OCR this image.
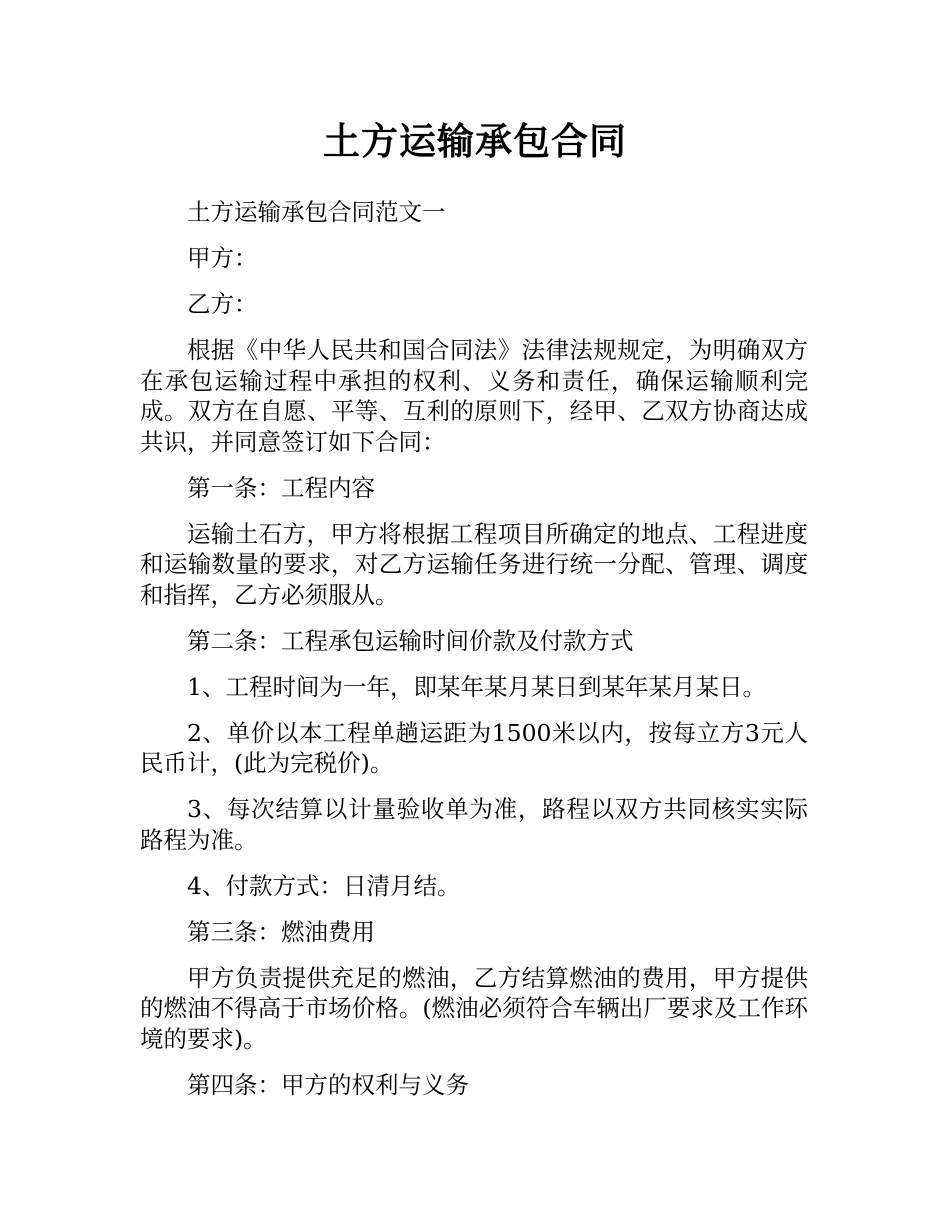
土方运输承包合同

土方运输承包合同范文一

甲方：

乙方：

根据《中华人民共和国合同法》法律法规规定，为明确双方在承包运输过程中承担的权利、义务和责任，确保运输顺利完成。双方在自愿、平等、互利的原则下，经甲、乙双方协商达成共识，并同意签订如下合同：

第一条：工程内容

运输土石方，甲方将根据工程项目所确定的地点、工程进度和运输数量的要求，对乙方运输任务进行统一分配、管理、调度和指挥，乙方必须服从。

第二条：工程承包运输时间价款及付款方式

1、工程时间为一年，即某年某月某日到某年某月某日。

2、单价以本工程单趟运距为1500米以内，按每立方3元人民币计，(此为完税价)。

3、每次结算以计量验收单为准，路程以双方共同核实实际路程为准。

4、付款方式：日清月结。

第三条：燃油费用

甲方负责提供充足的燃油，乙方结算燃油的费用，甲方提供的燃油不得高于市场价格。(燃油必须符合车辆出厂要求及工作环境的要求)。

第四条：甲方的权利与义务
